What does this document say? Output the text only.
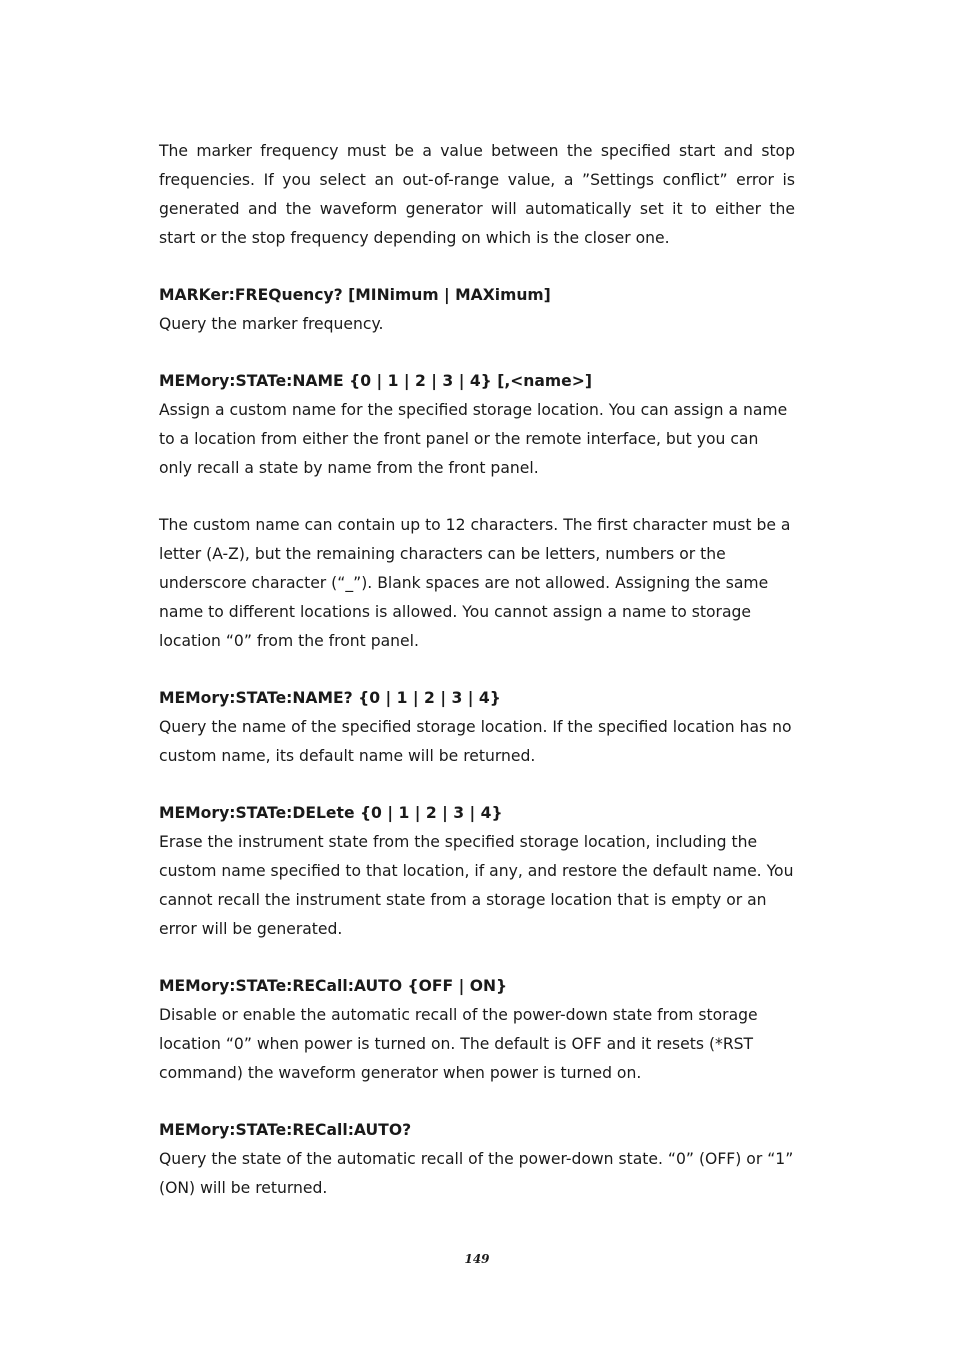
The marker frequency must be a value between the specified start and stop frequencies. If you select an out-of-range value, a ”Settings conflict” error is generated and the waveform generator will automatically set it to either the start or the stop frequency depending on which is the closer one.

MARKer:FREQuency? [MINimum | MAXimum]

Query the marker frequency.

MEMory:STATe:NAME {0 | 1 | 2 | 3 | 4} [,<name>]

Assign a custom name for the specified storage location. You can assign a name to a location from either the front panel or the remote interface, but you can only recall a state by name from the front panel.

The custom name can contain up to 12 characters. The first character must be a letter (A-Z), but the remaining characters can be letters, numbers or the underscore character (“_”). Blank spaces are not allowed. Assigning the same name to different locations is allowed. You cannot assign a name to storage location “0” from the front panel.

MEMory:STATe:NAME? {0 | 1 | 2 | 3 | 4}

Query the name of the specified storage location. If the specified location has no custom name, its default name will be returned.

MEMory:STATe:DELete {0 | 1 | 2 | 3 | 4}

Erase the instrument state from the specified storage location, including the custom name specified to that location, if any, and restore the default name. You cannot recall the instrument state from a storage location that is empty or an error will be generated.

MEMory:STATe:RECall:AUTO {OFF | ON}

Disable or enable the automatic recall of the power-down state from storage location “0” when power is turned on. The default is OFF and it resets (*RST command) the waveform generator when power is turned on.

MEMory:STATe:RECall:AUTO?

Query the state of the automatic recall of the power-down state. “0” (OFF) or “1” (ON) will be returned.

149
